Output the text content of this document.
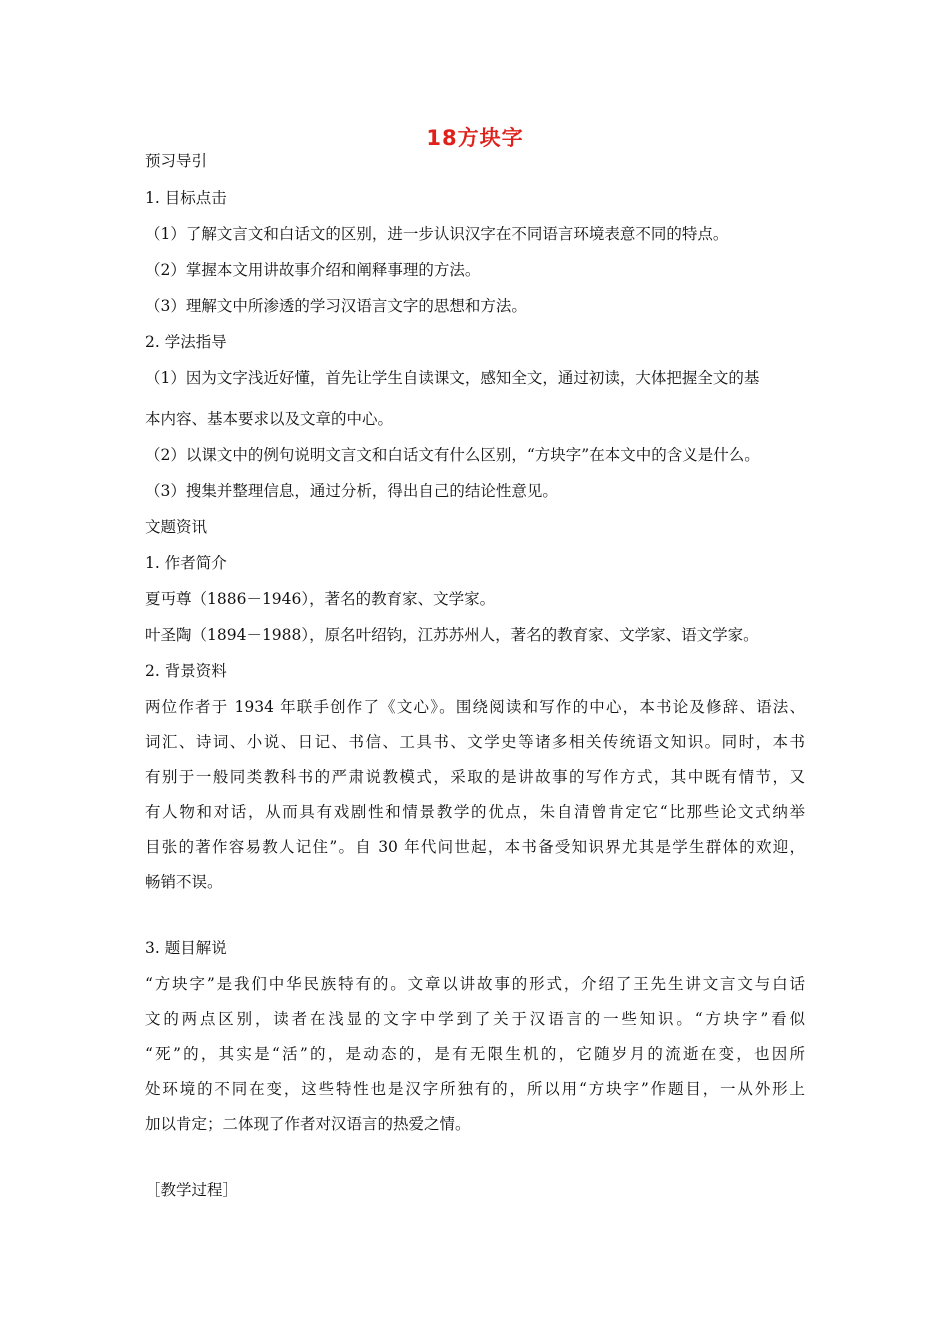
18方块字
预习导引
1. 目标点击
（1）了解文言文和白话文的区别，进一步认识汉字在不同语言环境表意不同的特点。
（2）掌握本文用讲故事介绍和阐释事理的方法。
（3）理解文中所渗透的学习汉语言文字的思想和方法。
2. 学法指导
（1）因为文字浅近好懂，首先让学生自读课文，感知全文，通过初读，大体把握全文的基
本内容、基本要求以及文章的中心。
（2）以课文中的例句说明文言文和白话文有什么区别，“方块字”在本文中的含义是什么。
（3）搜集并整理信息，通过分析，得出自己的结论性意见。
文题资讯
1. 作者简介
夏丏尊（1886－1946），著名的教育家、文学家。
叶圣陶（1894－1988），原名叶绍钧，江苏苏州人，著名的教育家、文学家、语文学家。
2. 背景资料
两位作者于 1934 年联手创作了《文心》。围绕阅读和写作的中心，本书论及修辞、语法、
词汇、诗词、小说、日记、书信、工具书、文学史等诸多相关传统语文知识。同时，本书
有别于一般同类教科书的严肃说教模式，采取的是讲故事的写作方式，其中既有情节，又
有人物和对话，从而具有戏剧性和情景教学的优点，朱自清曾肯定它“比那些论文式纳举
目张的著作容易教人记住”。自 30 年代问世起，本书备受知识界尤其是学生群体的欢迎，
畅销不误。
3. 题目解说
“方块字”是我们中华民族特有的。文章以讲故事的形式，介绍了王先生讲文言文与白话
文的两点区别，读者在浅显的文字中学到了关于汉语言的一些知识。“方块字”看似
“死”的，其实是“活”的，是动态的，是有无限生机的，它随岁月的流逝在变，也因所
处环境的不同在变，这些特性也是汉字所独有的，所以用“方块字”作题目，一从外形上
加以肯定；二体现了作者对汉语言的热爱之情。
［教学过程］
